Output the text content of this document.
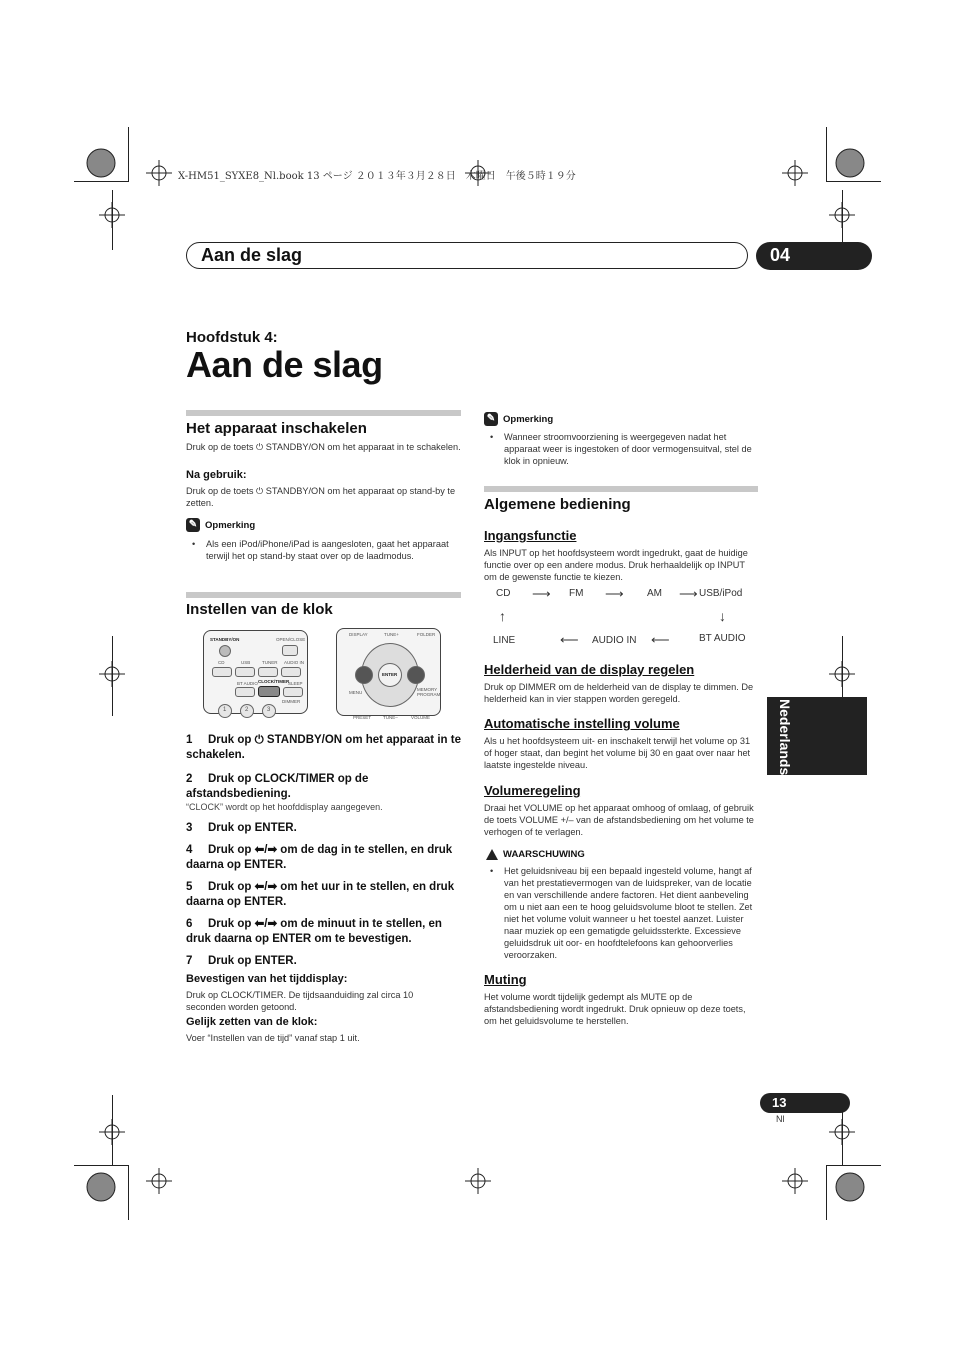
X-HM51_SYXE8_Nl.book 13 ページ ２０１３年３月２８日　木曜日　午後５時１９分
Aan de slag	04
Hoofdstuk 4:
Aan de slag
Het apparaat inschakelen
Druk op de toets ⏻ STANDBY/ON om het apparaat in te schakelen.
Na gebruik:
Druk op de toets ⏻ STANDBY/ON om het apparaat op stand-by te zetten.
✎ Opmerking
• Als een iPod/iPhone/iPad is aangesloten, gaat het apparaat terwijl het op stand-by staat over op de laadmodus.
Instellen van de klok
STANDBY/ON	OPEN/CLOSE
CD	USB	TUNER AUDIO IN
BT AUDIO CLOCK/TIMER
SLEEP
DIMMER
1	2	3
DISPLAY	TUNE+	FOLDER
ENTER
MENU
MEMORY PROGRAM
PRESET	TUNE–	VOLUME
1 Druk op ⏻ STANDBY/ON om het apparaat in te schakelen.
2 Druk op CLOCK/TIMER op de afstandsbediening.
“CLOCK” wordt op het hoofddisplay aangegeven.
3 Druk op ENTER.
4 Druk op ⬅/➡ om de dag in te stellen, en druk daarna op ENTER.
5 Druk op ⬅/➡ om het uur in te stellen, en druk daarna op ENTER.
6 Druk op ⬅/➡ om de minuut in te stellen, en druk daarna op ENTER om te bevestigen.
7 Druk op ENTER.
Bevestigen van het tijddisplay:
Druk op CLOCK/TIMER. De tijdsaanduiding zal circa 10 seconden worden getoond.
Gelijk zetten van de klok:
Voer “Instellen van de tijd” vanaf stap 1 uit.
✎ Opmerking
• Wanneer stroomvoorziening is weergegeven nadat het apparaat weer is ingestoken of door vermogensuitval, stel de klok in opnieuw.
Algemene bediening
Ingangsfunctie
Als INPUT op het hoofdsysteem wordt ingedrukt, gaat de huidige functie over op een andere modus. Druk herhaaldelijk op INPUT om de gewenste functie te kiezen.
CD ⟶ FM ⟶ AM ⟶ USB/iPod
↑	↓
LINE	⟵ AUDIO IN ⟵	BT AUDIO
Helderheid van de display regelen
Druk op DIMMER om de helderheid van de display te dimmen. De helderheid kan in vier stappen worden geregeld.
Automatische instelling volume
Als u het hoofdsysteem uit- en inschakelt terwijl het volume op 31 of hoger staat, dan begint het volume bij 30 en gaat over naar het laatste ingestelde niveau.
Volumeregeling
Draai het VOLUME op het apparaat omhoog of omlaag, of gebruik de toets VOLUME +/– van de afstandsbediening om het volume te verhogen of te verlagen.
WAARSCHUWING
• Het geluidsniveau bij een bepaald ingesteld volume, hangt af van het prestatievermogen van de luidspreker, van de locatie en van verschillende andere factoren. Het dient aanbeveling om u niet aan een te hoog geluidsvolume bloot te stellen. Zet niet het volume voluit wanneer u het toestel aanzet. Luister naar muziek op een gematigde geluidssterkte. Excessieve geluidsdruk uit oor- en hoofdtelefoons kan gehoorverlies veroorzaken.
Muting
Het volume wordt tijdelijk gedempt als MUTE op de afstandsbediening wordt ingedrukt. Druk opnieuw op deze toets, om het geluidsvolume te herstellen.
Nederlands
13
Nl
